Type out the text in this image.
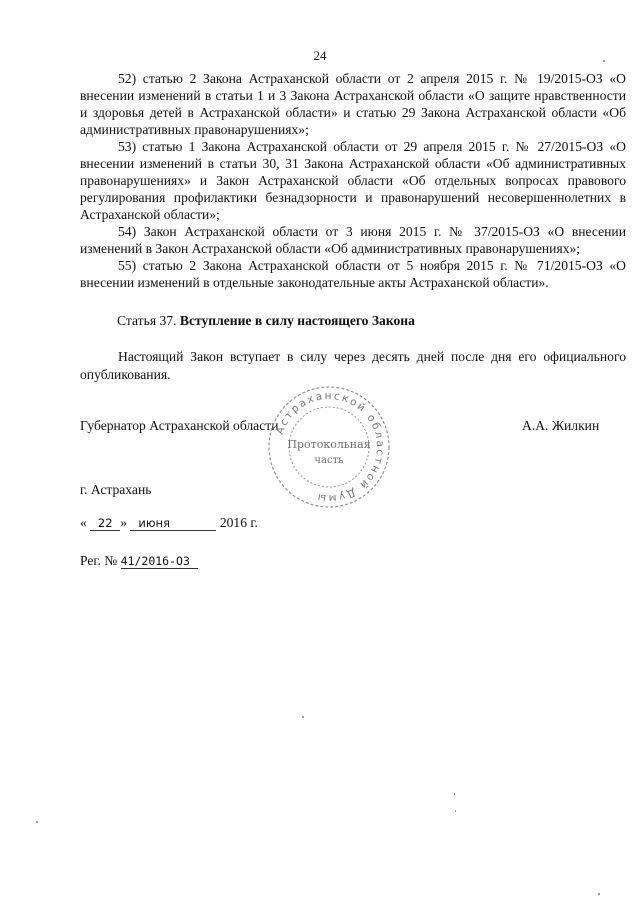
24

52) статью 2 Закона Астраханской области от 2 апреля 2015 г. № 19/2015-ОЗ «О внесении изменений в статьи 1 и 3 Закона Астраханской области «О защите нравственности и здоровья детей в Астраханской области» и статью 29 Закона Астраханской области «Об административных правонарушениях»;

53) статью 1 Закона Астраханской области от 29 апреля 2015 г. № 27/2015-ОЗ «О внесении изменений в статьи 30, 31 Закона Астраханской области «Об административных правонарушениях» и Закон Астраханской области «Об отдельных вопросах правового регулирования профилактики безнадзорности и правонарушений несовершеннолетних в Астраханской области»;

54) Закон Астраханской области от 3 июня 2015 г. № 37/2015-ОЗ «О внесении изменений в Закон Астраханской области «Об административных правонарушениях»;

55) статью 2 Закона Астраханской области от 5 ноября 2015 г. № 71/2015-ОЗ «О внесении изменений в отдельные законодательные акты Астраханской области».

Статья 37. Вступление в силу настоящего Закона

Настоящий Закон вступает в силу через десять дней после дня его официального опубликования.

Губернатор Астраханской области	А.А. Жилкин
Астраханской областной Думы
Протокольная
часть
г. Астрахань
« 22 » июня	2016 г.
Рег. № 41/2016-ОЗ
